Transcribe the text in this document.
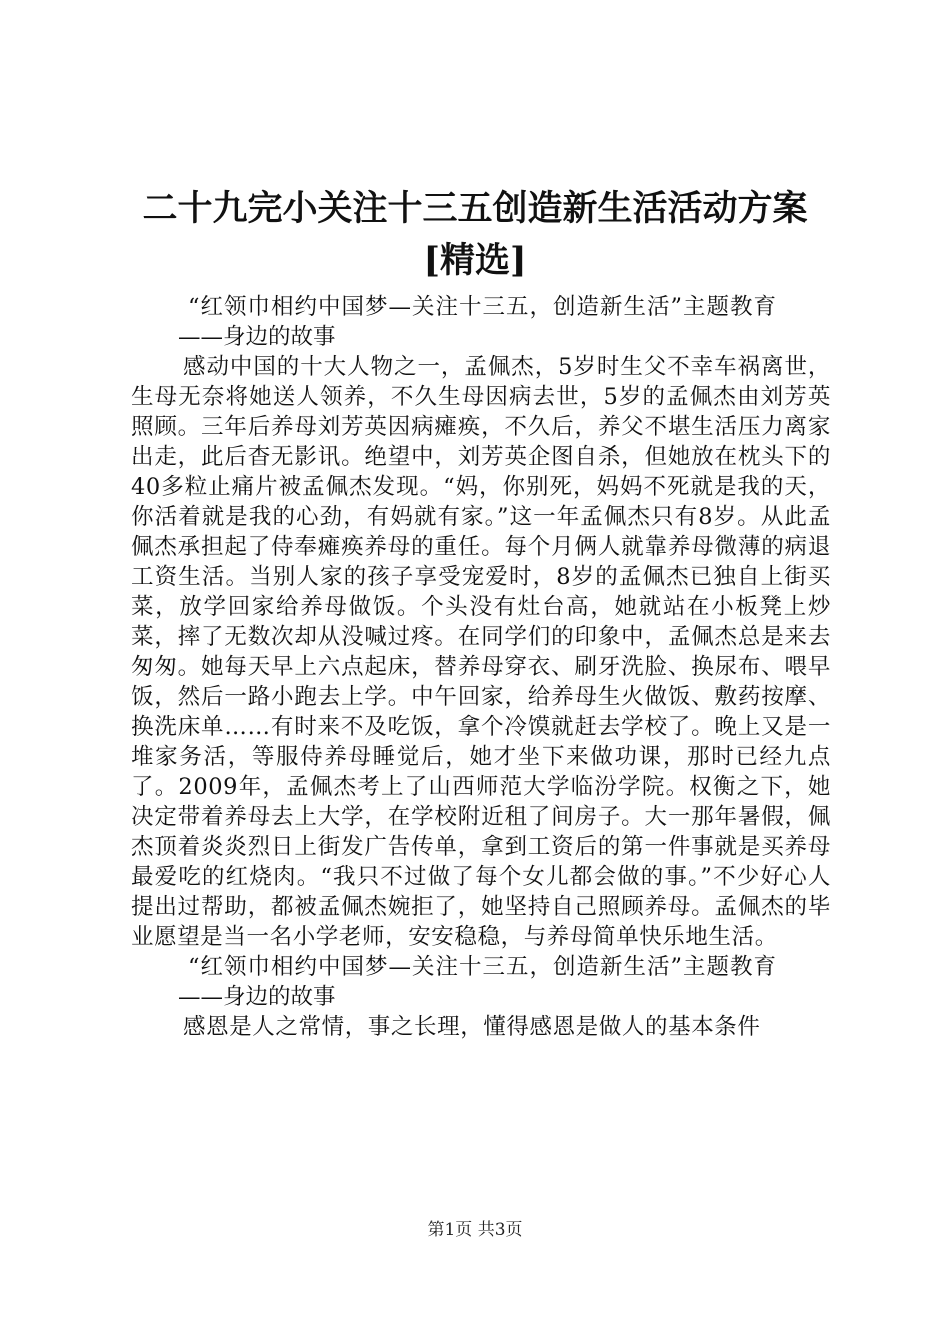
二十九完小关注十三五创造新生活活动方案
[精选]

“红领巾相约中国梦—关注十三五，创造新生活”主题教育

——身边的故事

感动中国的十大人物之一，孟佩杰，5岁时生父不幸车祸离世，生母无奈将她送人领养，不久生母因病去世，5岁的孟佩杰由刘芳英照顾。三年后养母刘芳英因病瘫痪，不久后，养父不堪生活压力离家出走，此后杳无影讯。绝望中，刘芳英企图自杀，但她放在枕头下的40多粒止痛片被孟佩杰发现。“妈，你别死，妈妈不死就是我的天，你活着就是我的心劲，有妈就有家。”这一年孟佩杰只有8岁。从此孟佩杰承担起了侍奉瘫痪养母的重任。每个月俩人就靠养母微薄的病退工资生活。当别人家的孩子享受宠爱时，8岁的孟佩杰已独自上街买菜，放学回家给养母做饭。个头没有灶台高，她就站在小板凳上炒菜，摔了无数次却从没喊过疼。在同学们的印象中，孟佩杰总是来去匆匆。她每天早上六点起床，替养母穿衣、刷牙洗脸、换尿布、喂早饭，然后一路小跑去上学。中午回家，给养母生火做饭、敷药按摩、换洗床单……有时来不及吃饭，拿个冷馍就赶去学校了。晚上又是一堆家务活，等服侍养母睡觉后，她才坐下来做功课，那时已经九点了。2009年，孟佩杰考上了山西师范大学临汾学院。权衡之下，她决定带着养母去上大学，在学校附近租了间房子。大一那年暑假，佩杰顶着炎炎烈日上街发广告传单，拿到工资后的第一件事就是买养母最爱吃的红烧肉。“我只不过做了每个女儿都会做的事。”不少好心人提出过帮助，都被孟佩杰婉拒了，她坚持自己照顾养母。孟佩杰的毕业愿望是当一名小学老师，安安稳稳，与养母简单快乐地生活。

“红领巾相约中国梦—关注十三五，创造新生活”主题教育

——身边的故事

感恩是人之常情，事之长理，懂得感恩是做人的基本条件

第1页 共3页
